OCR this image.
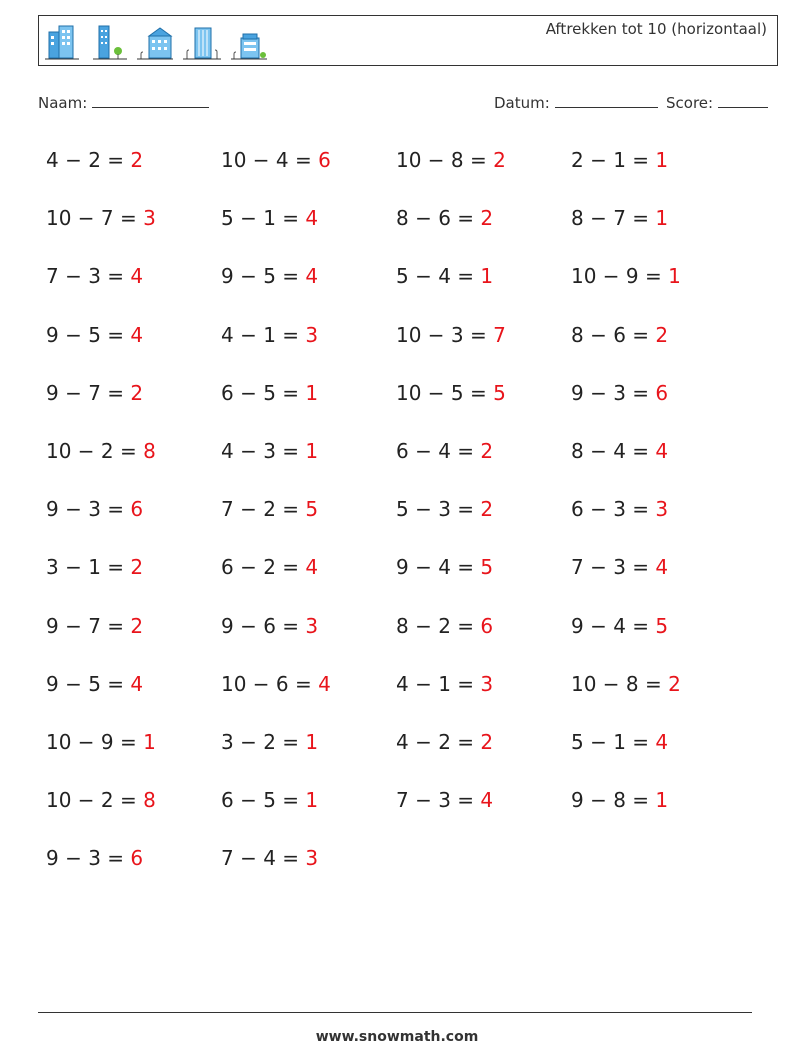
Aftrekken tot 10 (horizontaal)
Naam:	Datum:	Score:
4 − 2 = 2	10 − 4 = 6	10 − 8 = 2	2 − 1 = 1
10 − 7 = 3	5 − 1 = 4	8 − 6 = 2	8 − 7 = 1
7 − 3 = 4	9 − 5 = 4	5 − 4 = 1	10 − 9 = 1
9 − 5 = 4	4 − 1 = 3	10 − 3 = 7	8 − 6 = 2
9 − 7 = 2	6 − 5 = 1	10 − 5 = 5	9 − 3 = 6
10 − 2 = 8	4 − 3 = 1	6 − 4 = 2	8 − 4 = 4
9 − 3 = 6	7 − 2 = 5	5 − 3 = 2	6 − 3 = 3
3 − 1 = 2	6 − 2 = 4	9 − 4 = 5	7 − 3 = 4
9 − 7 = 2	9 − 6 = 3	8 − 2 = 6	9 − 4 = 5
9 − 5 = 4	10 − 6 = 4	4 − 1 = 3	10 − 8 = 2
10 − 9 = 1	3 − 2 = 1	4 − 2 = 2	5 − 1 = 4
10 − 2 = 8	6 − 5 = 1	7 − 3 = 4	9 − 8 = 1
9 − 3 = 6	7 − 4 = 3
www.snowmath.com
